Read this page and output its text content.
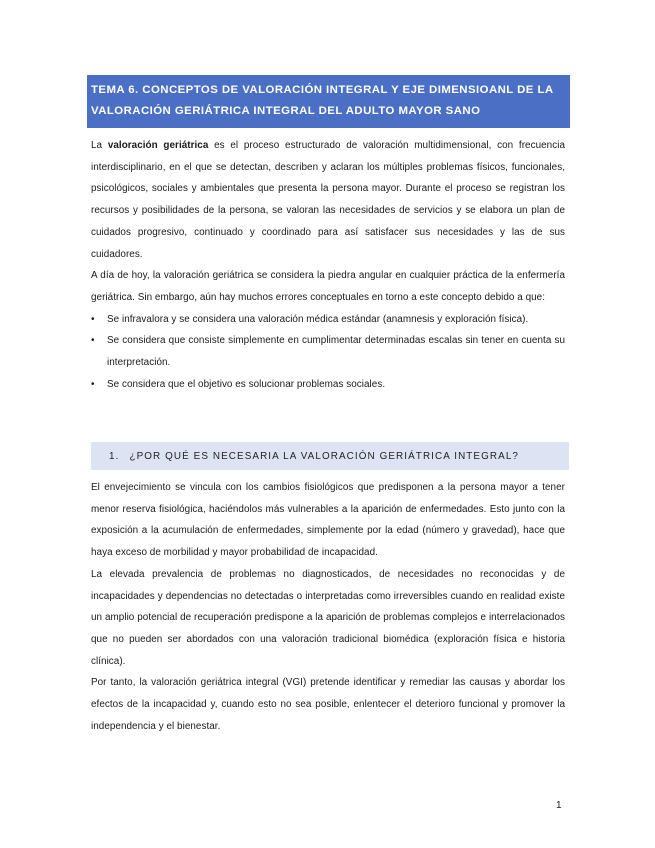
TEMA 6. CONCEPTOS DE VALORACIÓN INTEGRAL Y EJE DIMENSIOANL DE LA
VALORACIÓN GERIÁTRICA INTEGRAL DEL ADULTO MAYOR SANO

La valoración geriátrica es el proceso estructurado de valoración multidimensional, con frecuencia interdisciplinario, en el que se detectan, describen y aclaran los múltiples problemas físicos, funcionales, psicológicos, sociales y ambientales que presenta la persona mayor. Durante el proceso se registran los recursos y posibilidades de la persona, se valoran las necesidades de servicios y se elabora un plan de cuidados progresivo, continuado y coordinado para así satisfacer sus necesidades y las de sus cuidadores.

A día de hoy, la valoración geriátrica se considera la piedra angular en cualquier práctica de la enfermería geriátrica. Sin embargo, aún hay muchos errores conceptuales en torno a este concepto debido a que:

• Se infravalora y se considera una valoración médica estándar (anamnesis y exploración física).
• Se considera que consiste simplemente en cumplimentar determinadas escalas sin tener en cuenta su interpretación.
• Se considera que el objetivo es solucionar problemas sociales.
1. ¿POR QUÉ ES NECESARIA LA VALORACIÓN GERIÁTRICA INTEGRAL?

El envejecimiento se vincula con los cambios fisiológicos que predisponen a la persona mayor a tener menor reserva fisiológica, haciéndolos más vulnerables a la aparición de enfermedades. Esto junto con la exposición a la acumulación de enfermedades, simplemente por la edad (número y gravedad), hace que haya exceso de morbilidad y mayor probabilidad de incapacidad.

La elevada prevalencia de problemas no diagnosticados, de necesidades no reconocidas y de incapacidades y dependencias no detectadas o interpretadas como irreversibles cuando en realidad existe un amplio potencial de recuperación predispone a la aparición de problemas complejos e interrelacionados que no pueden ser abordados con una valoración tradicional biomédica (exploración física e historia clínica).

Por tanto, la valoración geriátrica integral (VGI) pretende identificar y remediar las causas y abordar los efectos de la incapacidad y, cuando esto no sea posible, enlentecer el deterioro funcional y promover la independencia y el bienestar.

1
